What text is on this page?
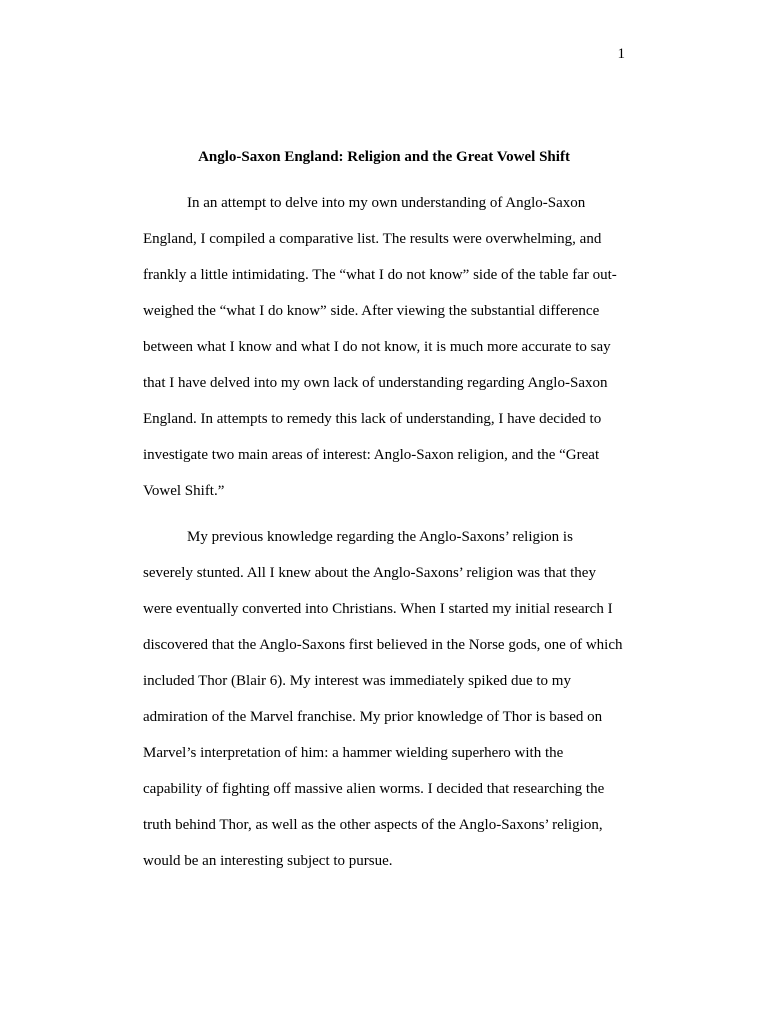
1
Anglo-Saxon England: Religion and the Great Vowel Shift
In an attempt to delve into my own understanding of Anglo-Saxon
England, I compiled a comparative list. The results were overwhelming, and
frankly a little intimidating. The “what I do not know” side of the table far out-
weighed the “what I do know” side. After viewing the substantial difference
between what I know and what I do not know, it is much more accurate to say
that I have delved into my own lack of understanding regarding Anglo-Saxon
England. In attempts to remedy this lack of understanding, I have decided to
investigate two main areas of interest: Anglo-Saxon religion, and the “Great
Vowel Shift.”
My previous knowledge regarding the Anglo-Saxons’ religion is
severely stunted. All I knew about the Anglo-Saxons’ religion was that they
were eventually converted into Christians. When I started my initial research I
discovered that the Anglo-Saxons first believed in the Norse gods, one of which
included Thor (Blair 6). My interest was immediately spiked due to my
admiration of the Marvel franchise. My prior knowledge of Thor is based on
Marvel’s interpretation of him: a hammer wielding superhero with the
capability of fighting off massive alien worms. I decided that researching the
truth behind Thor, as well as the other aspects of the Anglo-Saxons’ religion,
would be an interesting subject to pursue.
